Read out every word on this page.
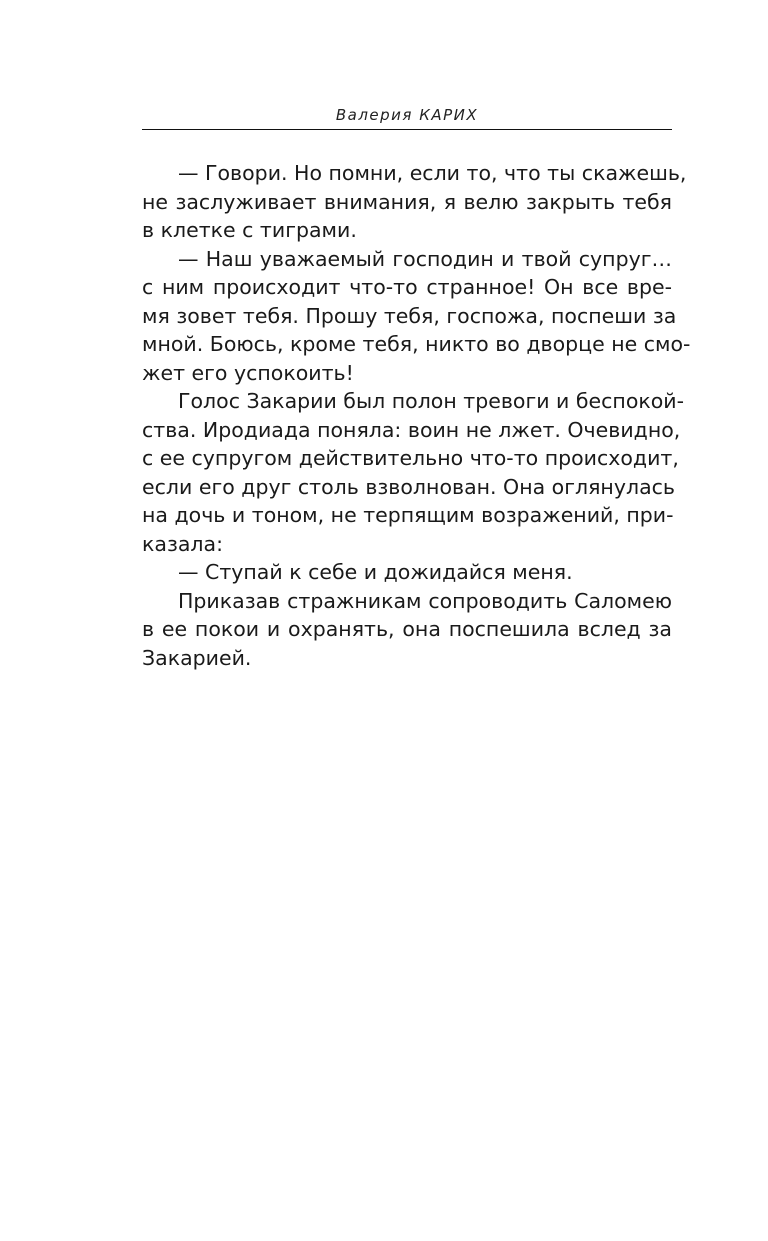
Валерия КАРИХ
— Говори. Но помни, если то, что ты скажешь,
не заслуживает внимания, я велю закрыть тебя
в клетке с тиграми.
— Наш уважаемый господин и твой супруг…
с ним происходит что-то странное! Он все вре-
мя зовет тебя. Прошу тебя, госпожа, поспеши за
мной. Боюсь, кроме тебя, никто во дворце не смо-
жет его успокоить!
Голос Закарии был полон тревоги и беспокой-
ства. Иродиада поняла: воин не лжет. Очевидно,
с ее супругом действительно что-то происходит,
если его друг столь взволнован. Она оглянулась
на дочь и тоном, не терпящим возражений, при-
казала:
— Ступай к себе и дожидайся меня.
Приказав стражникам сопроводить Саломею
в ее покои и охранять, она поспешила вслед за
Закарией.
